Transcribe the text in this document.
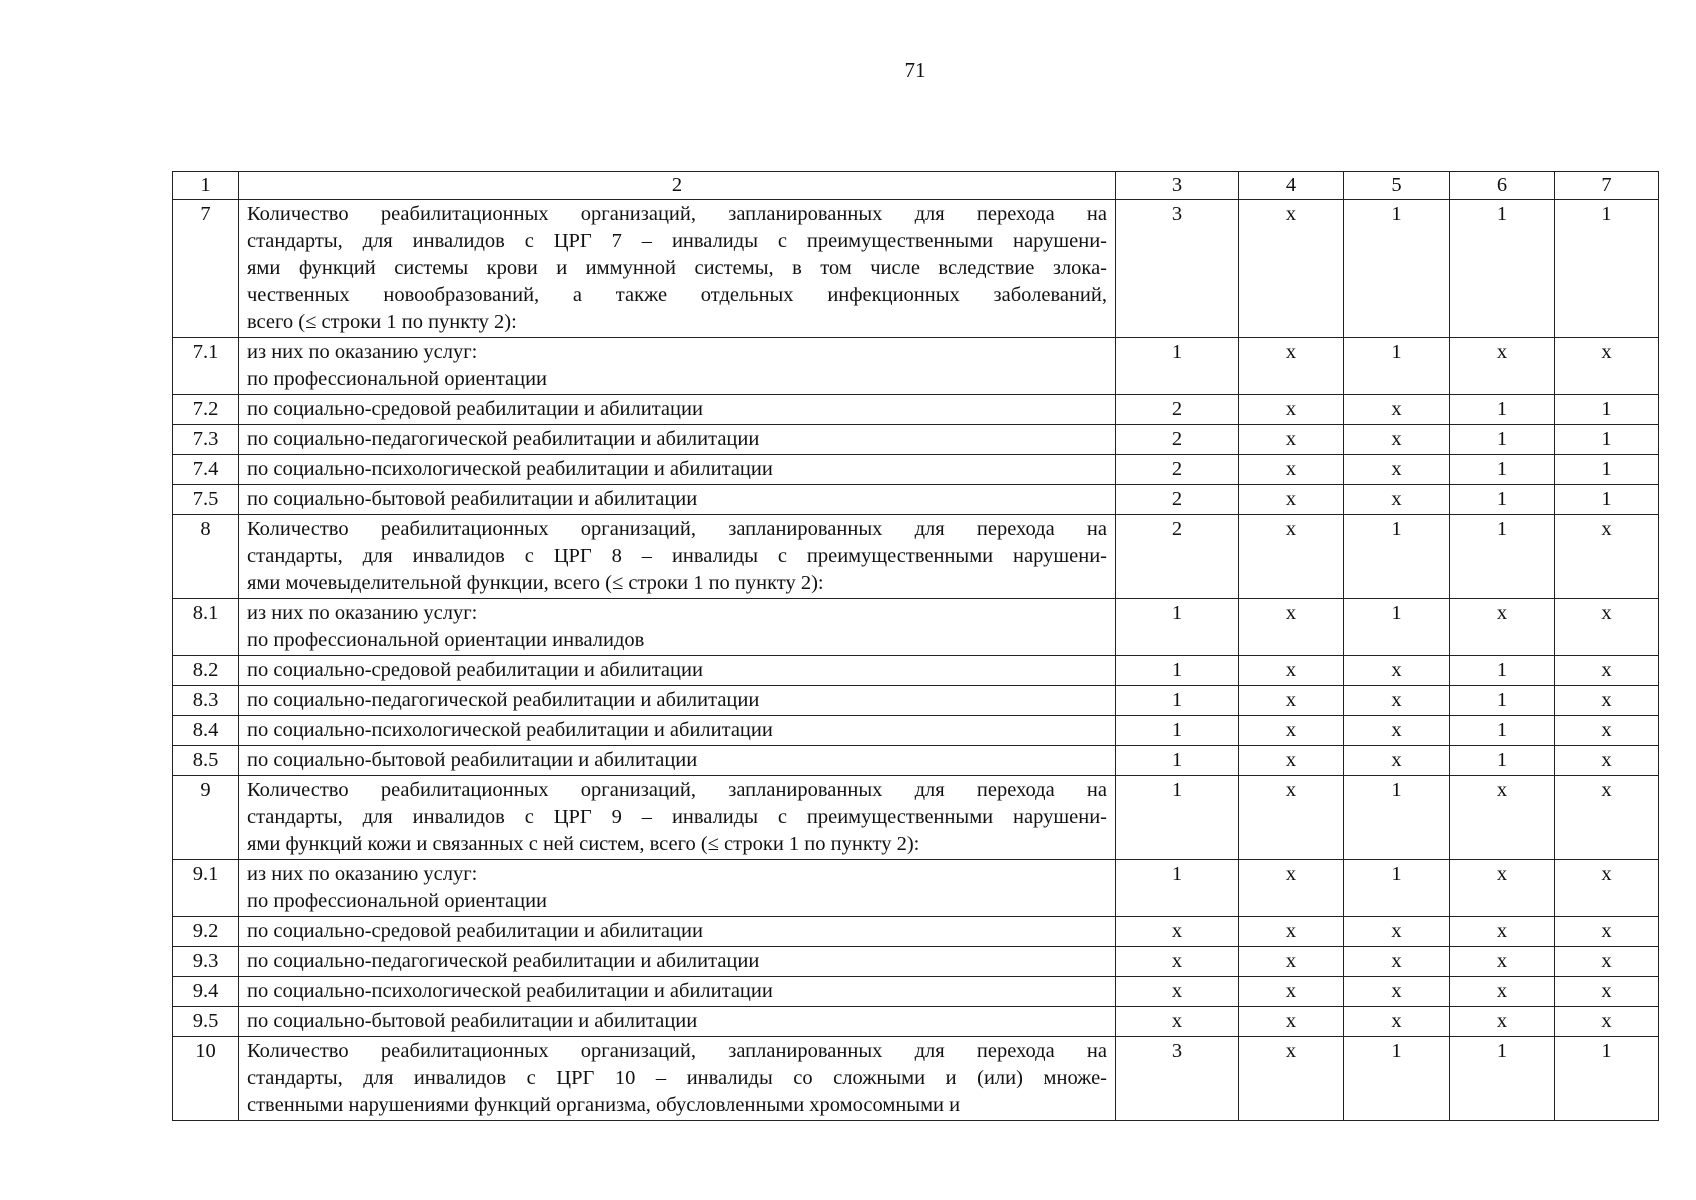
71
1	2	3	4	5	6	7
7	Количество реабилитационных организаций, запланированных для перехода на
стандарты, для инвалидов с ЦРГ 7 – инвалиды с преимущественными нарушени-
ями функций системы крови и иммунной системы, в том числе вследствие злока-
чественных новообразований, а также отдельных инфекционных заболеваний,
всего (≤ строки 1 по пункту 2):	3	x	1	1	1
7.1	из них по оказанию услуг:
по профессиональной ориентации	1	x	1	x	x
7.2	по социально-средовой реабилитации и абилитации	2	x	x	1	1
7.3	по социально-педагогической реабилитации и абилитации	2	x	x	1	1
7.4	по социально-психологической реабилитации и абилитации	2	x	x	1	1
7.5	по социально-бытовой реабилитации и абилитации	2	x	x	1	1
8	Количество реабилитационных организаций, запланированных для перехода на
стандарты, для инвалидов с ЦРГ 8 – инвалиды с преимущественными нарушени-
ями мочевыделительной функции, всего (≤ строки 1 по пункту 2):	2	x	1	1	x
8.1	из них по оказанию услуг:
по профессиональной ориентации инвалидов	1	x	1	x	x
8.2	по социально-средовой реабилитации и абилитации	1	x	x	1	x
8.3	по социально-педагогической реабилитации и абилитации	1	x	x	1	x
8.4	по социально-психологической реабилитации и абилитации	1	x	x	1	x
8.5	по социально-бытовой реабилитации и абилитации	1	x	x	1	x
9	Количество реабилитационных организаций, запланированных для перехода на
стандарты, для инвалидов с ЦРГ 9 – инвалиды с преимущественными нарушени-
ями функций кожи и связанных с ней систем, всего (≤ строки 1 по пункту 2):	1	x	1	x	x
9.1	из них по оказанию услуг:
по профессиональной ориентации	1	x	1	x	x
9.2	по социально-средовой реабилитации и абилитации	x	x	x	x	x
9.3	по социально-педагогической реабилитации и абилитации	x	x	x	x	x
9.4	по социально-психологической реабилитации и абилитации	x	x	x	x	x
9.5	по социально-бытовой реабилитации и абилитации	x	x	x	x	x
10	Количество реабилитационных организаций, запланированных для перехода на
стандарты, для инвалидов с ЦРГ 10 – инвалиды со сложными и (или) множе-
ственными нарушениями функций организма, обусловленными хромосомными и	3	x	1	1	1
